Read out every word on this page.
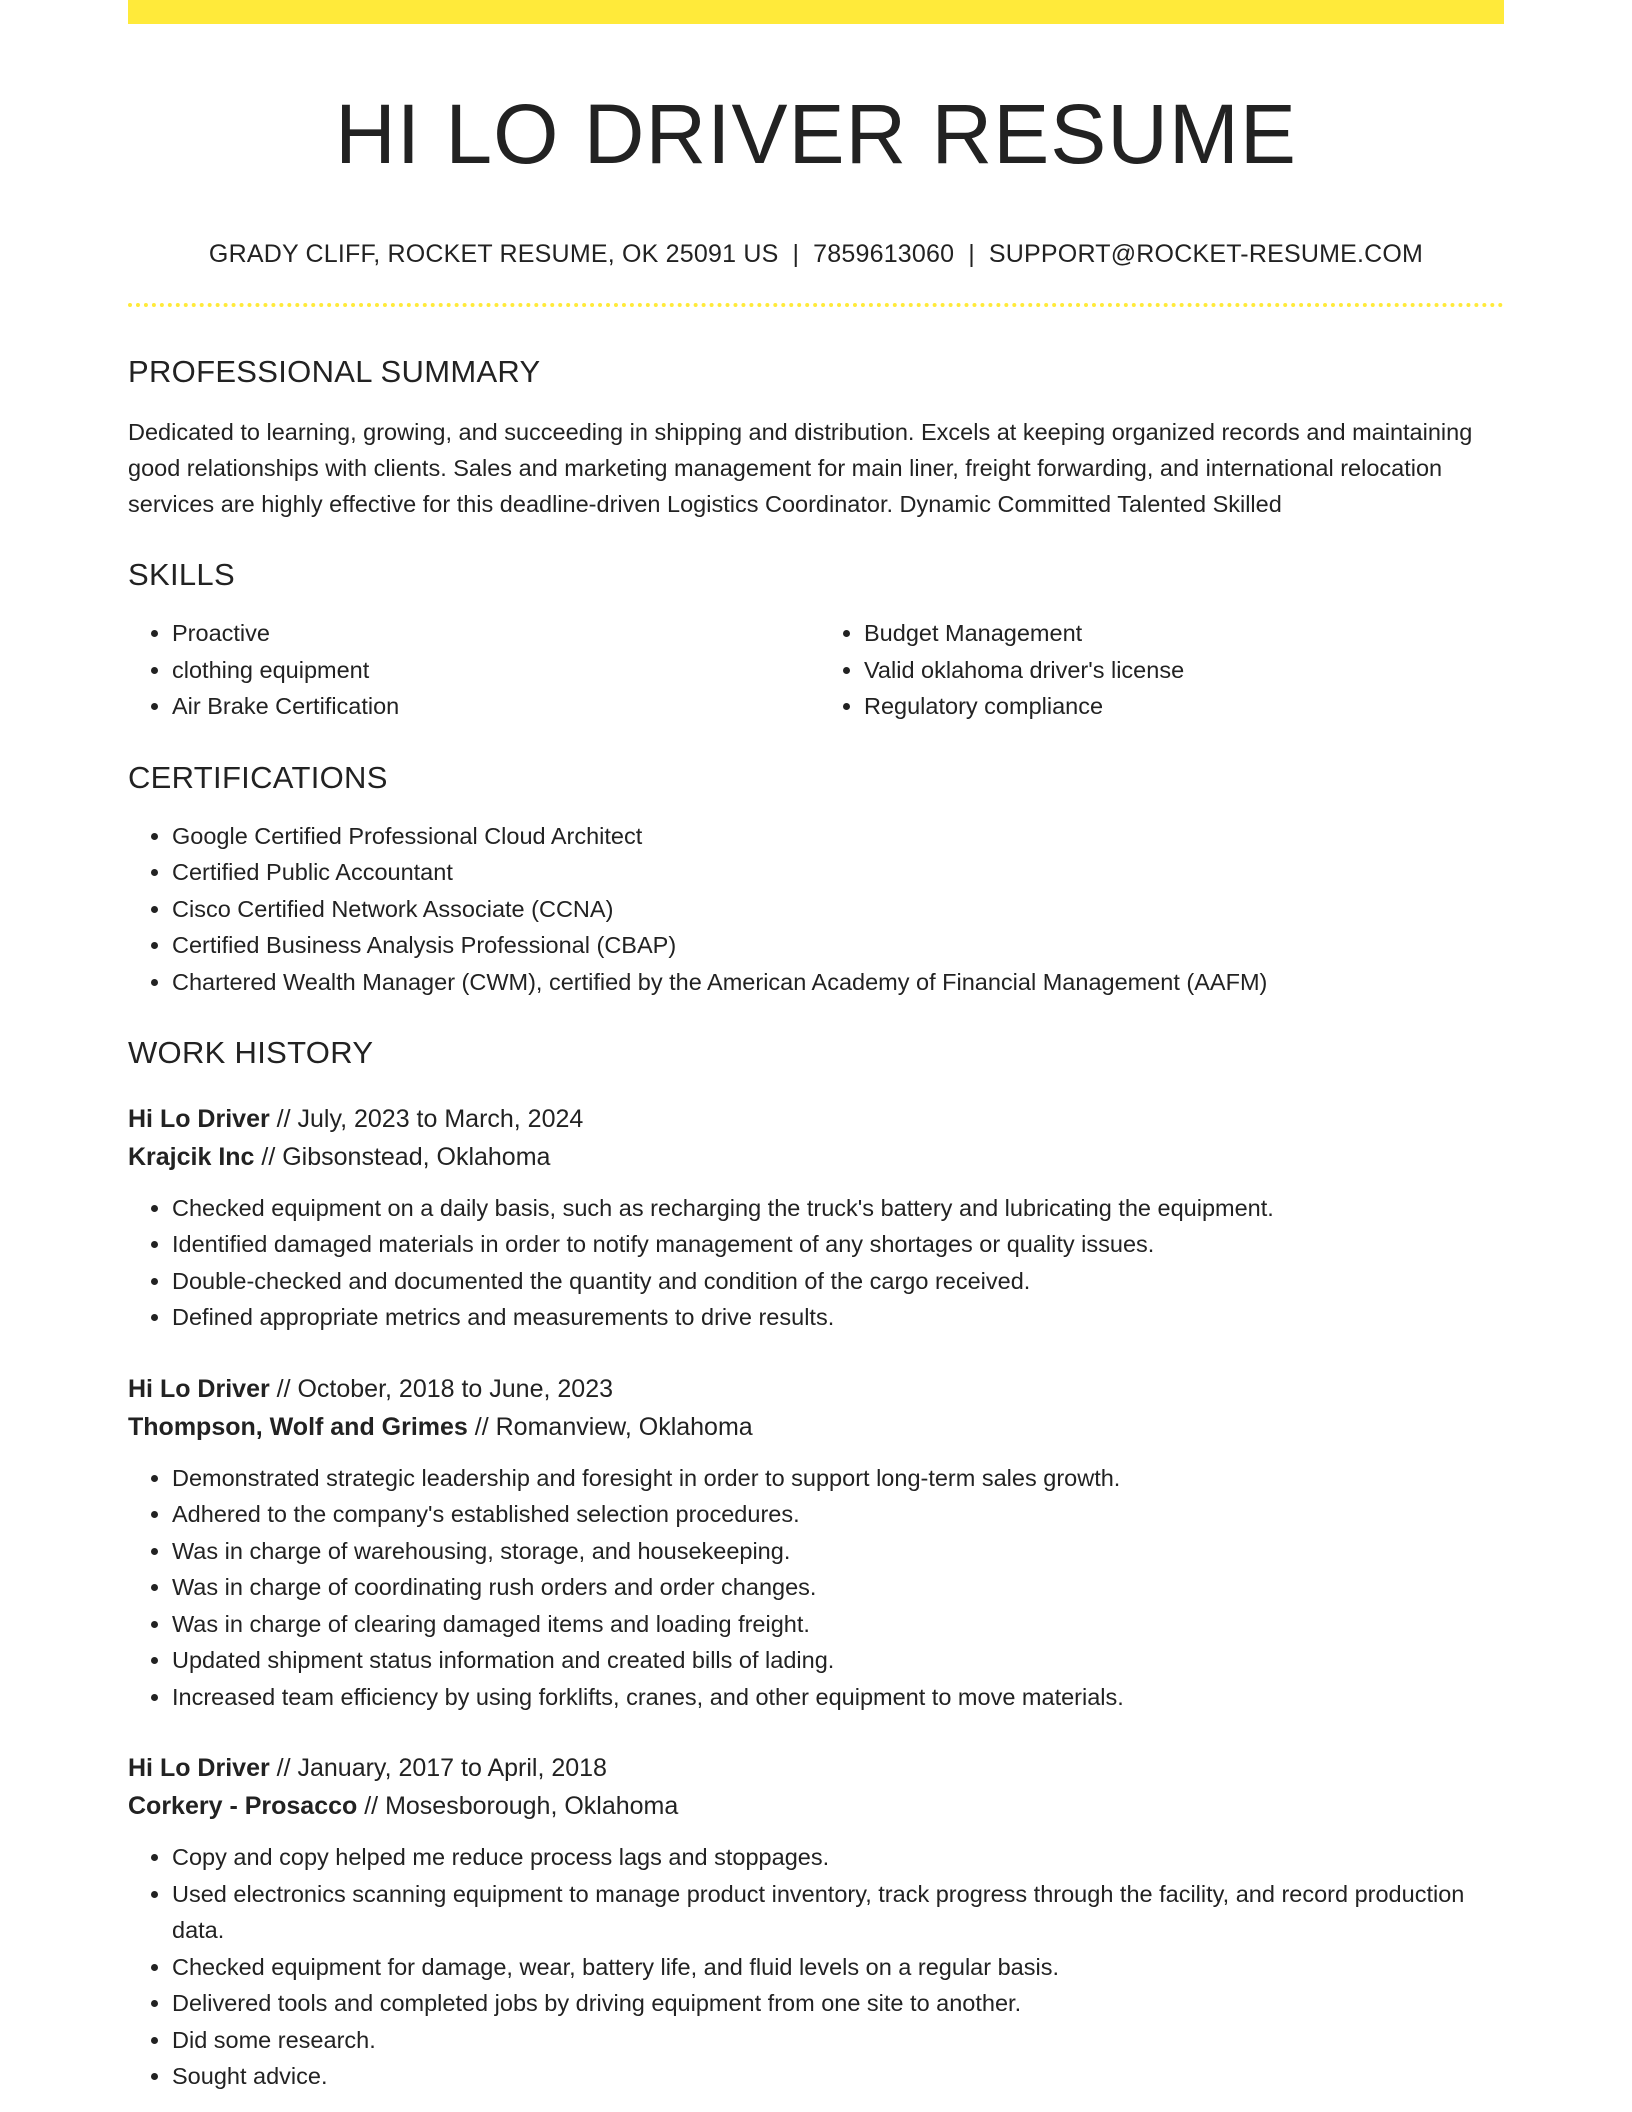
HI LO DRIVER RESUME
GRADY CLIFF, ROCKET RESUME, OK 25091 US | 7859613060 | SUPPORT@ROCKET-RESUME.COM
PROFESSIONAL SUMMARY

Dedicated to learning, growing, and succeeding in shipping and distribution. Excels at keeping organized records and maintaining good relationships with clients. Sales and marketing management for main liner, freight forwarding, and international relocation services are highly effective for this deadline-driven Logistics Coordinator. Dynamic Committed Talented Skilled

SKILLS
• Proactive
• clothing equipment
• Air Brake Certification
• Budget Management
• Valid oklahoma driver's license
• Regulatory compliance
CERTIFICATIONS
• Google Certified Professional Cloud Architect
• Certified Public Accountant
• Cisco Certified Network Associate (CCNA)
• Certified Business Analysis Professional (CBAP)
• Chartered Wealth Manager (CWM), certified by the American Academy of Financial Management (AAFM)
WORK HISTORY
Hi Lo Driver // July, 2023 to March, 2024
Krajcik Inc // Gibsonstead, Oklahoma
• Checked equipment on a daily basis, such as recharging the truck's battery and lubricating the equipment.
• Identified damaged materials in order to notify management of any shortages or quality issues.
• Double-checked and documented the quantity and condition of the cargo received.
• Defined appropriate metrics and measurements to drive results.
Hi Lo Driver // October, 2018 to June, 2023
Thompson, Wolf and Grimes // Romanview, Oklahoma
• Demonstrated strategic leadership and foresight in order to support long-term sales growth.
• Adhered to the company's established selection procedures.
• Was in charge of warehousing, storage, and housekeeping.
• Was in charge of coordinating rush orders and order changes.
• Was in charge of clearing damaged items and loading freight.
• Updated shipment status information and created bills of lading.
• Increased team efficiency by using forklifts, cranes, and other equipment to move materials.
Hi Lo Driver // January, 2017 to April, 2018
Corkery - Prosacco // Mosesborough, Oklahoma
• Copy and copy helped me reduce process lags and stoppages.
• Used electronics scanning equipment to manage product inventory, track progress through the facility, and record production data.
• Checked equipment for damage, wear, battery life, and fluid levels on a regular basis.
• Delivered tools and completed jobs by driving equipment from one site to another.
• Did some research.
• Sought advice.
